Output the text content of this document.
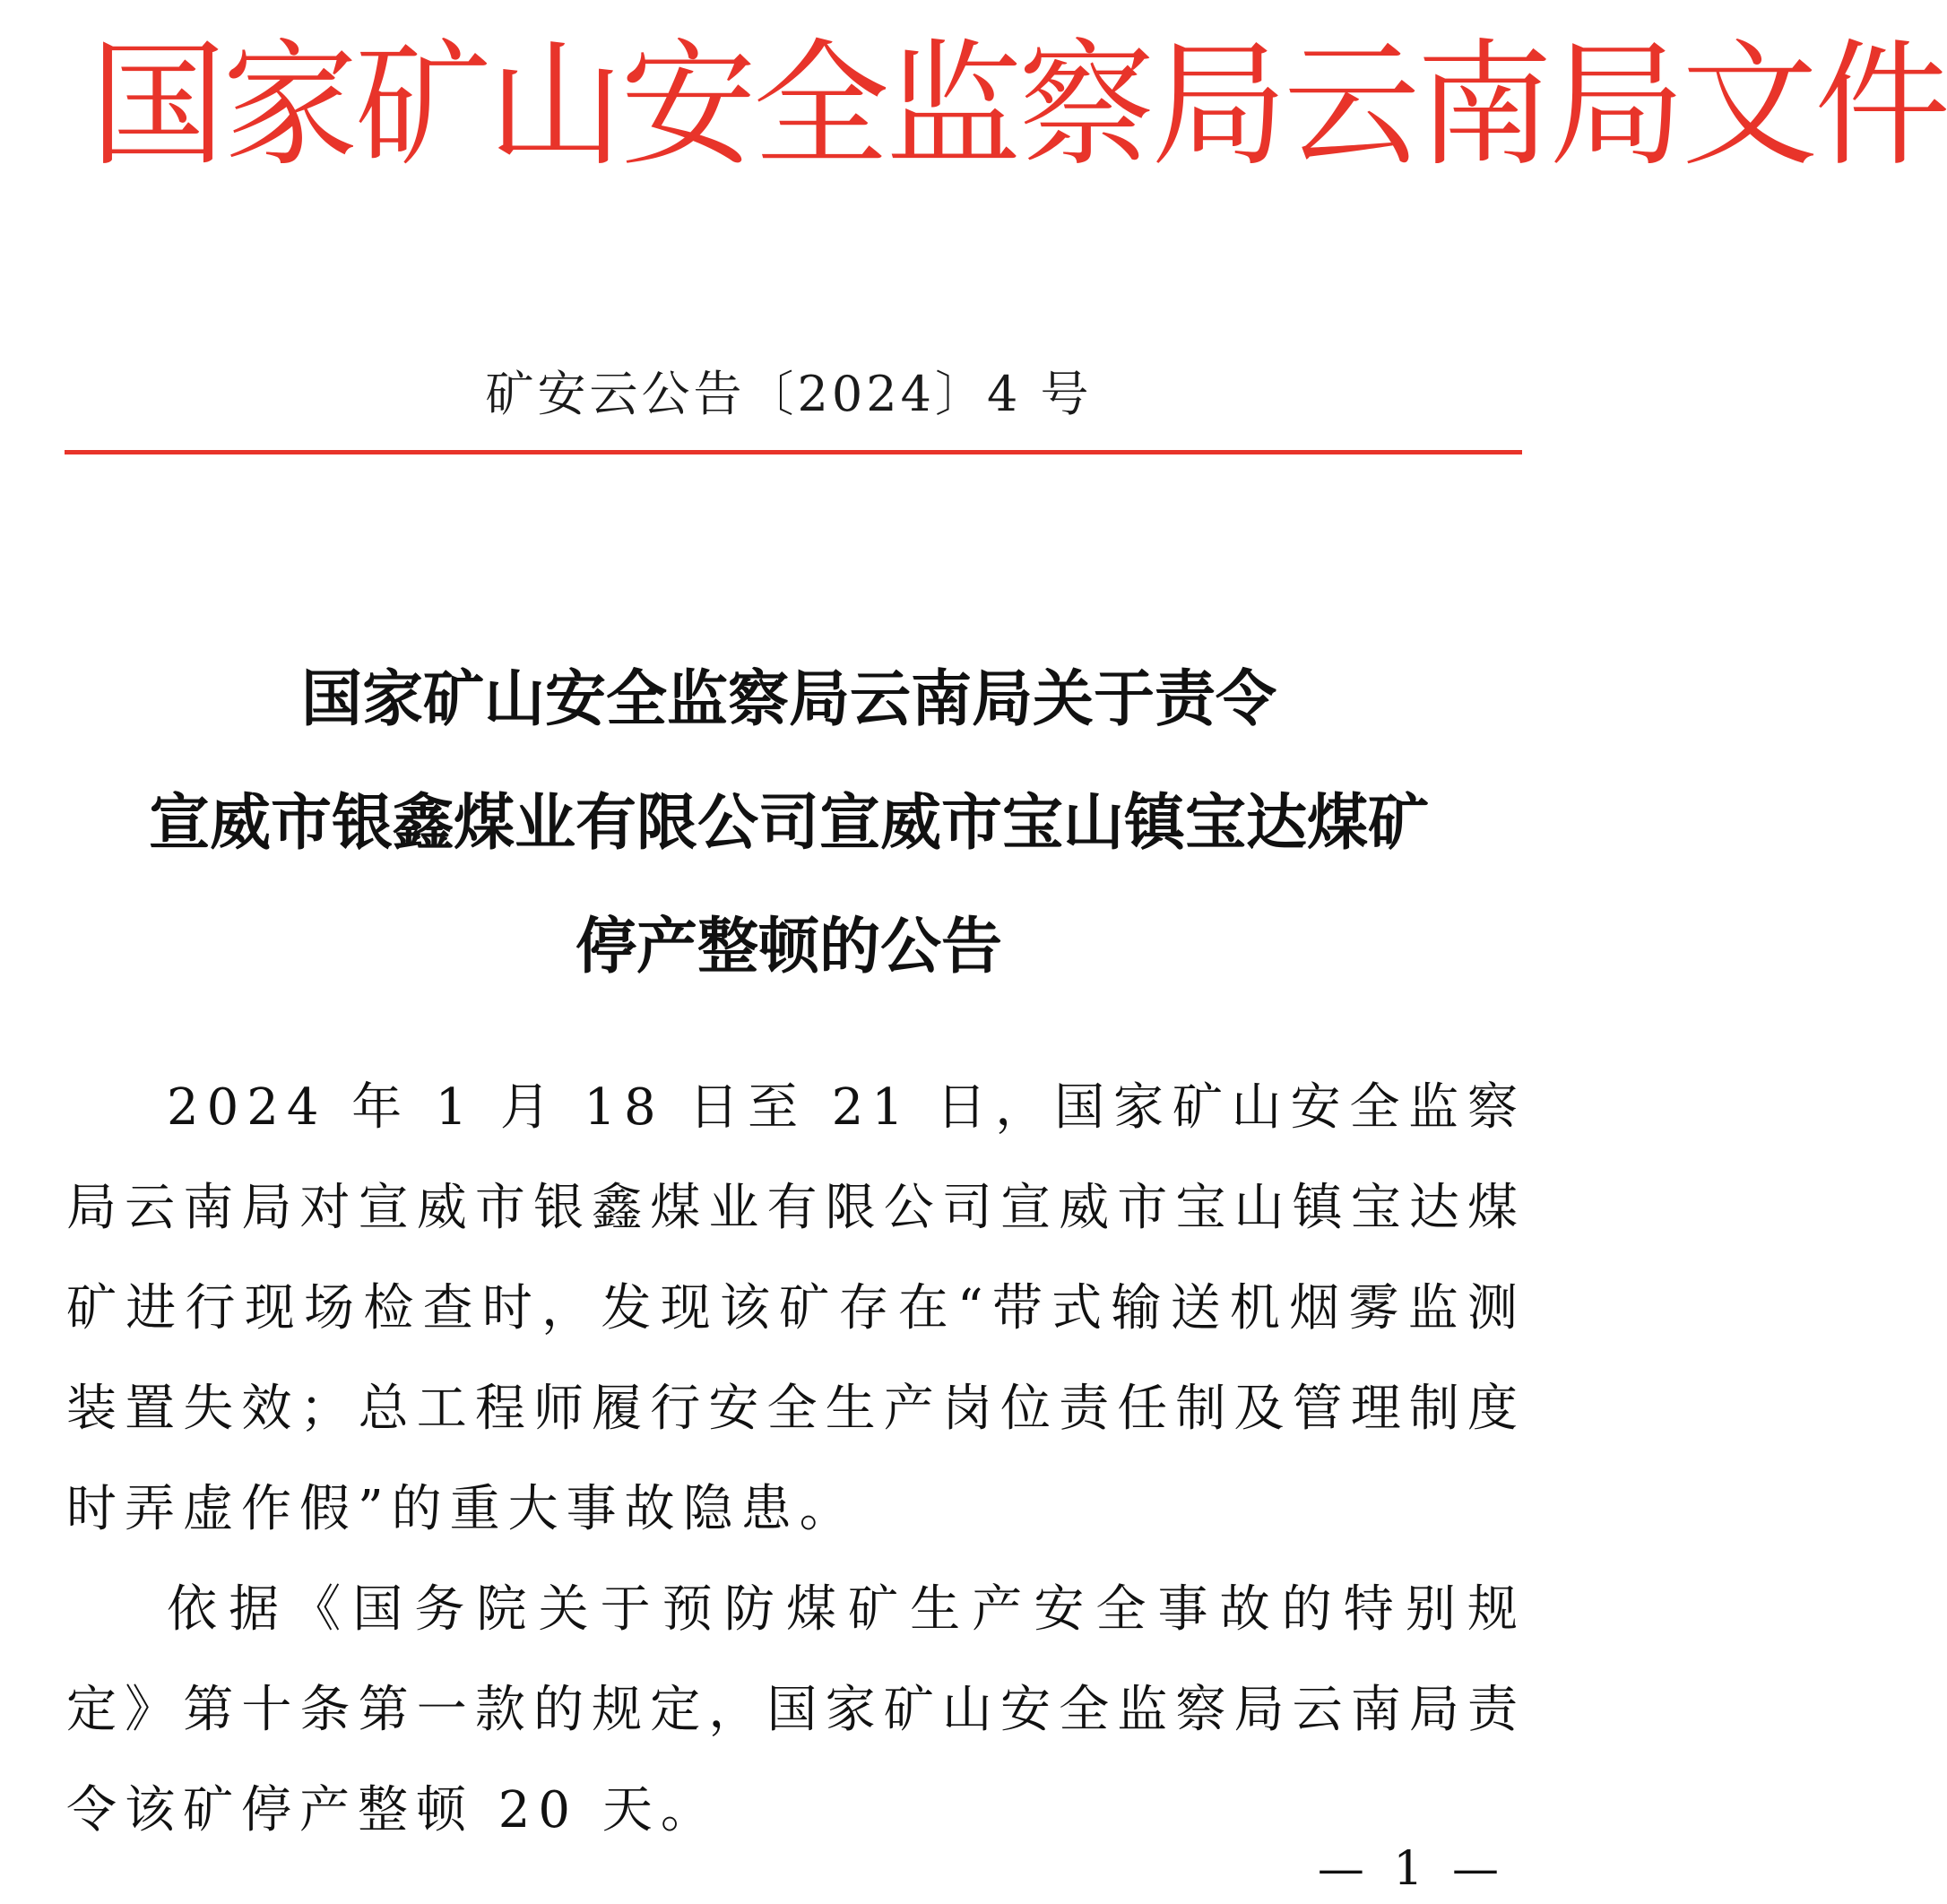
国家矿山安全监察局云南局文件
矿安云公告〔2024〕4 号
国家矿山安全监察局云南局关于责令
宣威市银鑫煤业有限公司宣威市宝山镇宝达煤矿
停产整顿的公告

2024 年 1 月 18 日至 21 日，国家矿山安全监察局云南局对宣威市银鑫煤业有限公司宣威市宝山镇宝达煤矿进行现场检查时，发现该矿存在“带式输送机烟雾监测装置失效；总工程师履行安全生产岗位责任制及管理制度时弄虚作假”的重大事故隐患。

依据《国务院关于预防煤矿生产安全事故的特别规定》第十条第一款的规定，国家矿山安全监察局云南局责令该矿停产整顿 20 天。

— 1 —
